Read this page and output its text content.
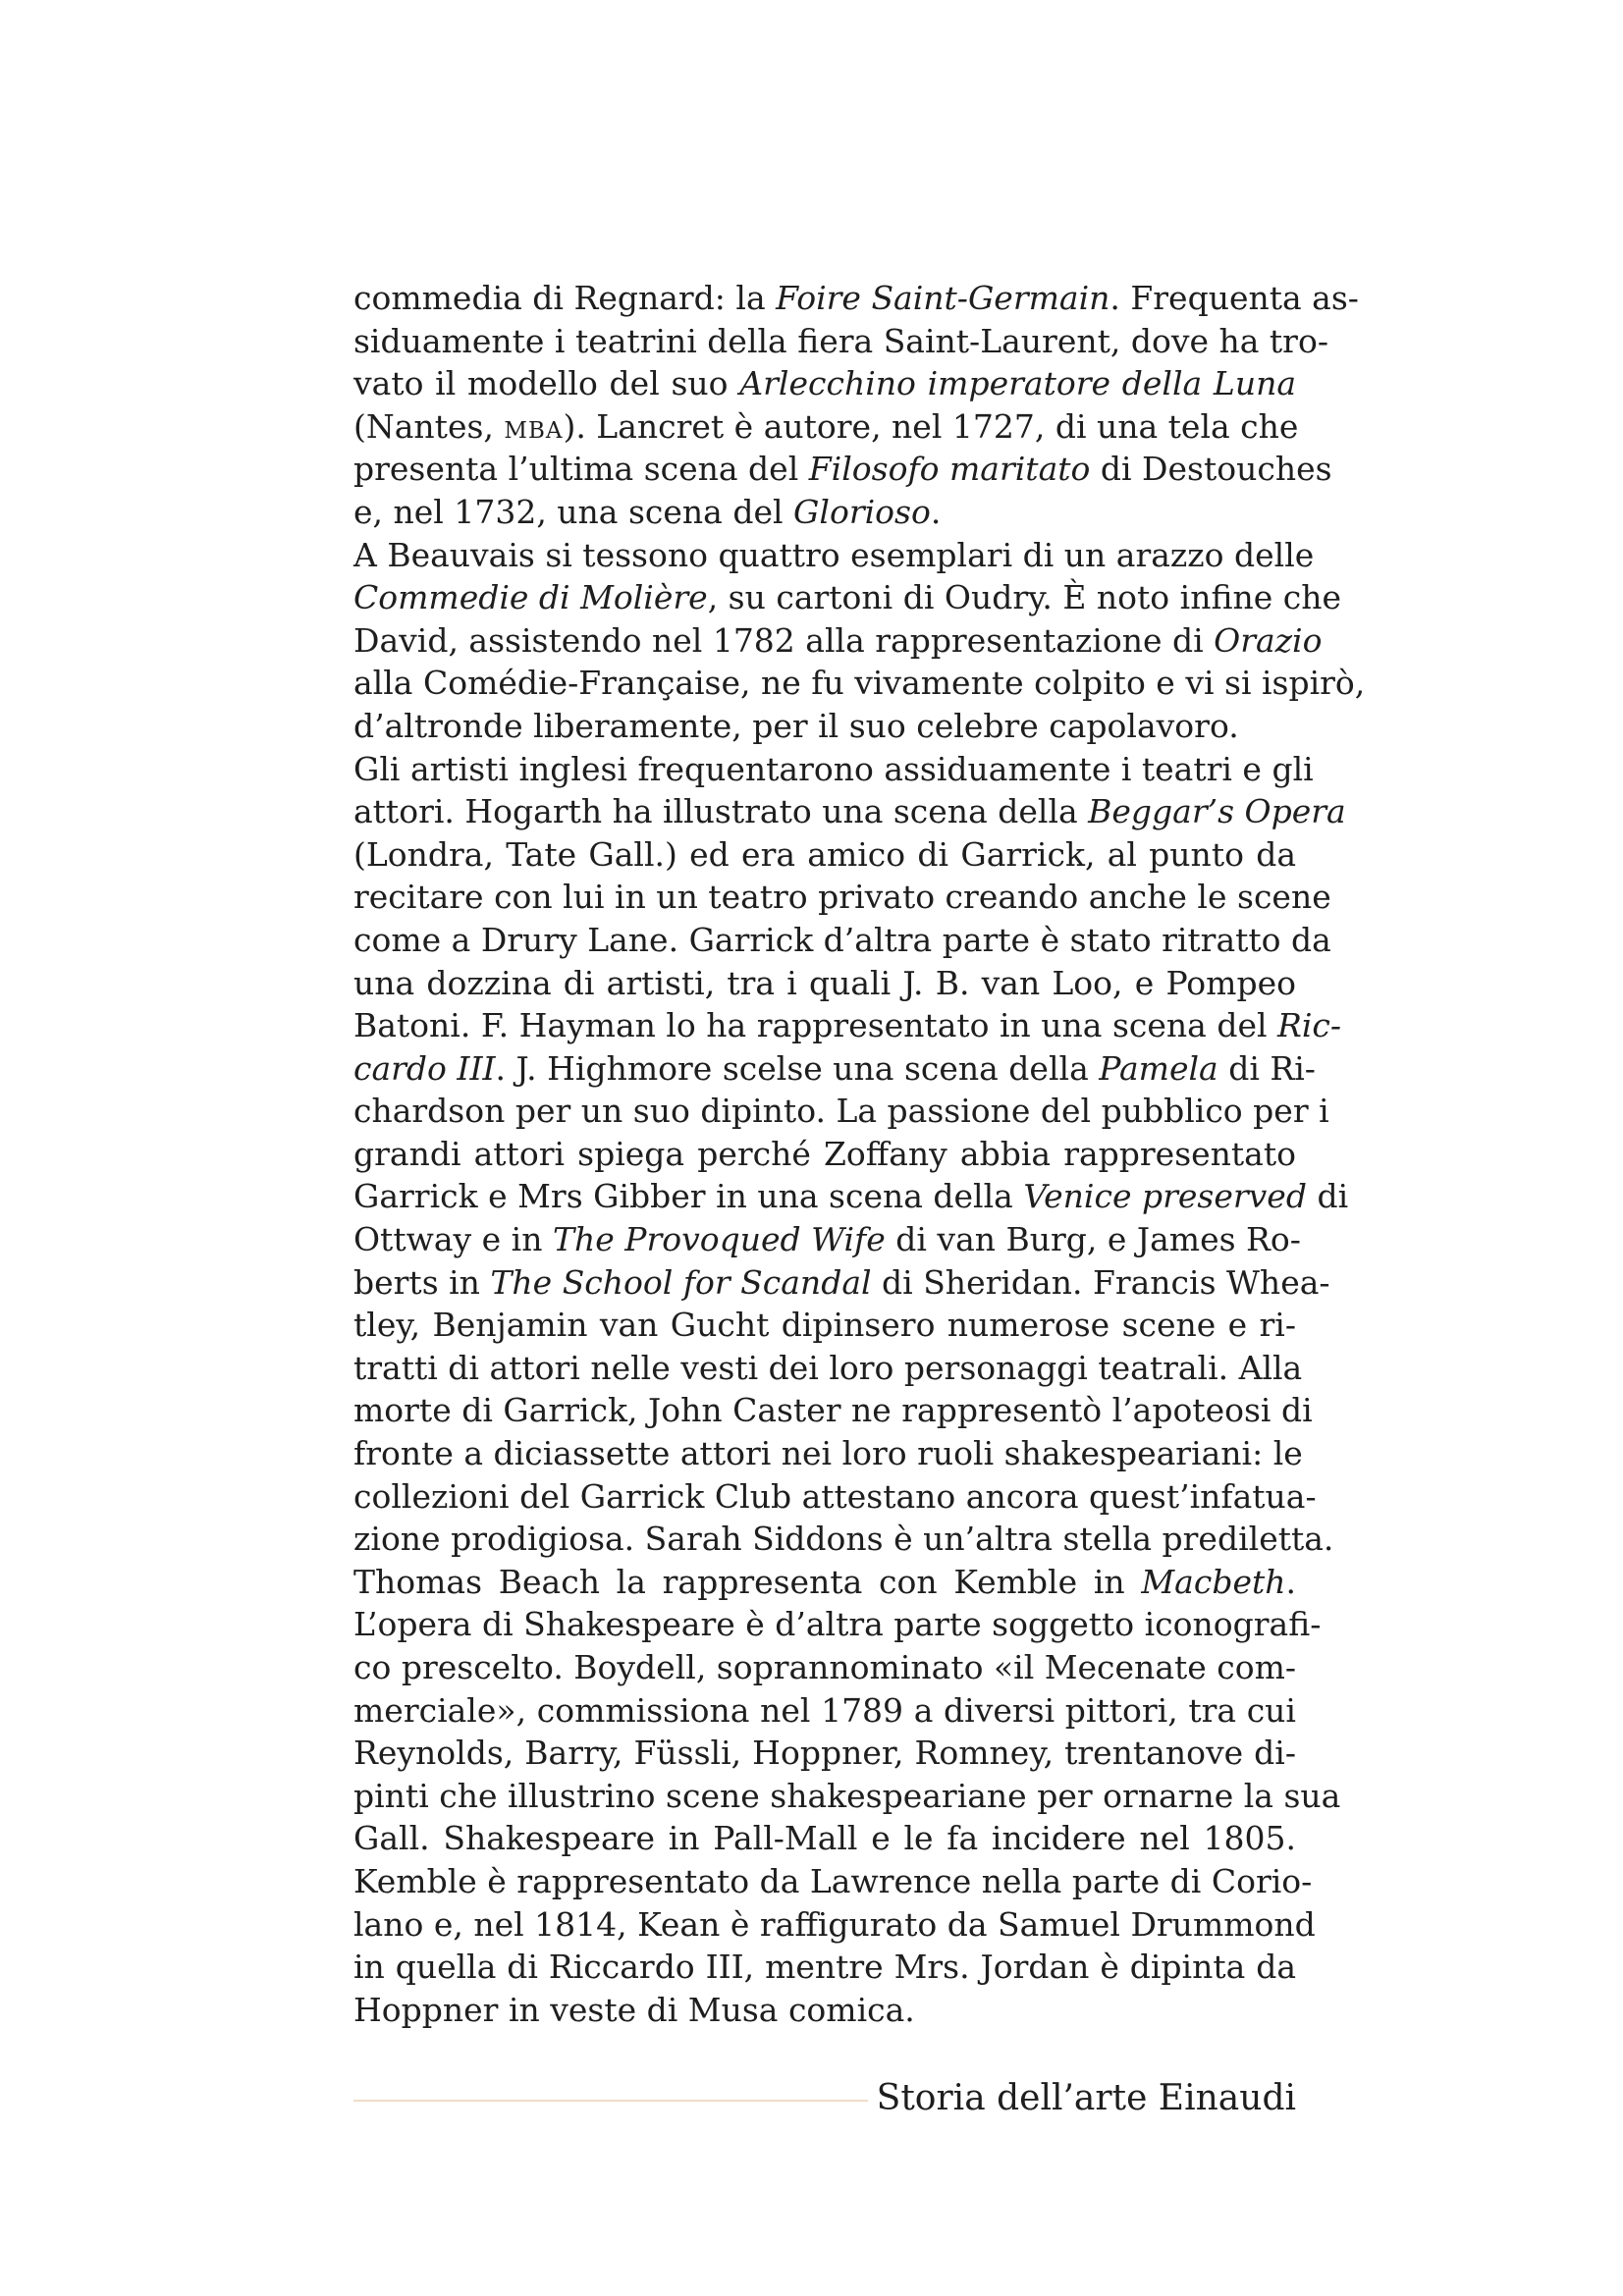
commedia di Regnard: la Foire Saint-Germain. Frequenta as-
siduamente i teatrini della fiera Saint-Laurent, dove ha tro-
vato il modello del suo Arlecchino imperatore della Luna
(Nantes, mba). Lancret è autore, nel 1727, di una tela che
presenta l’ultima scena del Filosofo maritato di Destouches
e, nel 1732, una scena del Glorioso.
A Beauvais si tessono quattro esemplari di un arazzo delle
Commedie di Molière, su cartoni di Oudry. È noto infine che
David, assistendo nel 1782 alla rappresentazione di Orazio
alla Comédie-Française, ne fu vivamente colpito e vi si ispirò,
d’altronde liberamente, per il suo celebre capolavoro.
Gli artisti inglesi frequentarono assiduamente i teatri e gli
attori. Hogarth ha illustrato una scena della Beggar’s Opera
(Londra, Tate Gall.) ed era amico di Garrick, al punto da
recitare con lui in un teatro privato creando anche le scene
come a Drury Lane. Garrick d’altra parte è stato ritratto da
una dozzina di artisti, tra i quali J. B. van Loo, e Pompeo
Batoni. F. Hayman lo ha rappresentato in una scena del Ric-
cardo III. J. Highmore scelse una scena della Pamela di Ri-
chardson per un suo dipinto. La passione del pubblico per i
grandi attori spiega perché Zoffany abbia rappresentato
Garrick e Mrs Gibber in una scena della Venice preserved di
Ottway e in The Provoqued Wife di van Burg, e James Ro-
berts in The School for Scandal di Sheridan. Francis Whea-
tley, Benjamin van Gucht dipinsero numerose scene e ri-
tratti di attori nelle vesti dei loro personaggi teatrali. Alla
morte di Garrick, John Caster ne rappresentò l’apoteosi di
fronte a diciassette attori nei loro ruoli shakespeariani: le
collezioni del Garrick Club attestano ancora quest’infatua-
zione prodigiosa. Sarah Siddons è un’altra stella prediletta.
Thomas Beach la rappresenta con Kemble in Macbeth.
L’opera di Shakespeare è d’altra parte soggetto iconografi-
co prescelto. Boydell, soprannominato «il Mecenate com-
merciale», commissiona nel 1789 a diversi pittori, tra cui
Reynolds, Barry, Füssli, Hoppner, Romney, trentanove di-
pinti che illustrino scene shakespeariane per ornarne la sua
Gall. Shakespeare in Pall-Mall e le fa incidere nel 1805.
Kemble è rappresentato da Lawrence nella parte di Corio-
lano e, nel 1814, Kean è raffigurato da Samuel Drummond
in quella di Riccardo III, mentre Mrs. Jordan è dipinta da
Hoppner in veste di Musa comica.
Storia dell’arte Einaudi
